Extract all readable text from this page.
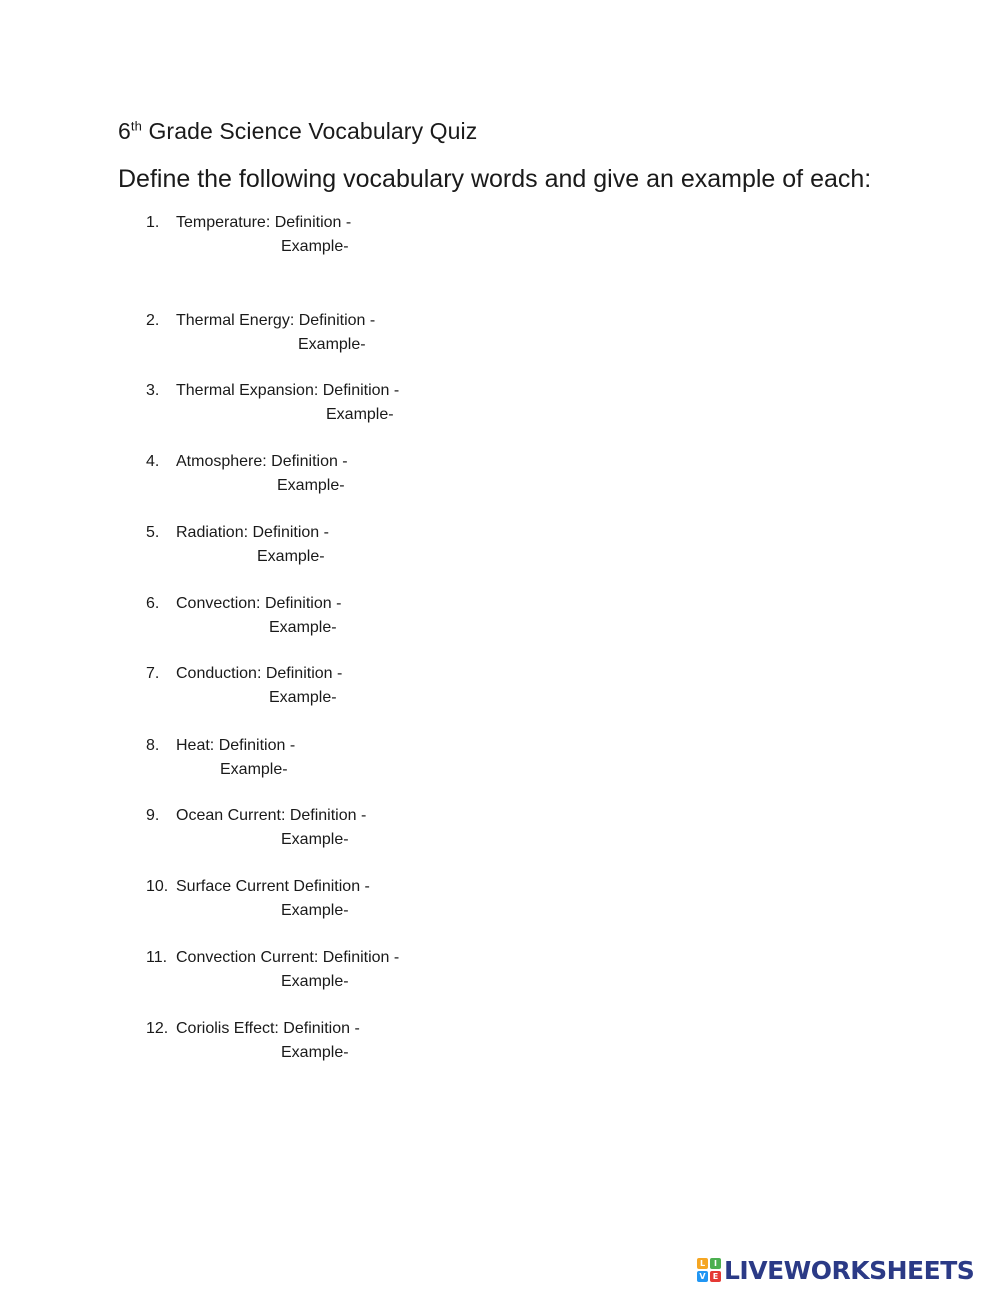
6th Grade Science Vocabulary Quiz
Define the following vocabulary words and give an example of each:
1. Temperature: Definition -
Example-
2. Thermal Energy: Definition -
Example-
3. Thermal Expansion: Definition -
Example-
4. Atmosphere: Definition -
Example-
5. Radiation: Definition -
Example-
6. Convection: Definition -
Example-
7. Conduction: Definition -
Example-
8. Heat: Definition -
Example-
9. Ocean Current: Definition -
Example-
10. Surface Current Definition -
Example-
11. Convection Current: Definition -
Example-
12. Coriolis Effect: Definition -
Example-
L	I
V E LIVEWORKSHEETS
